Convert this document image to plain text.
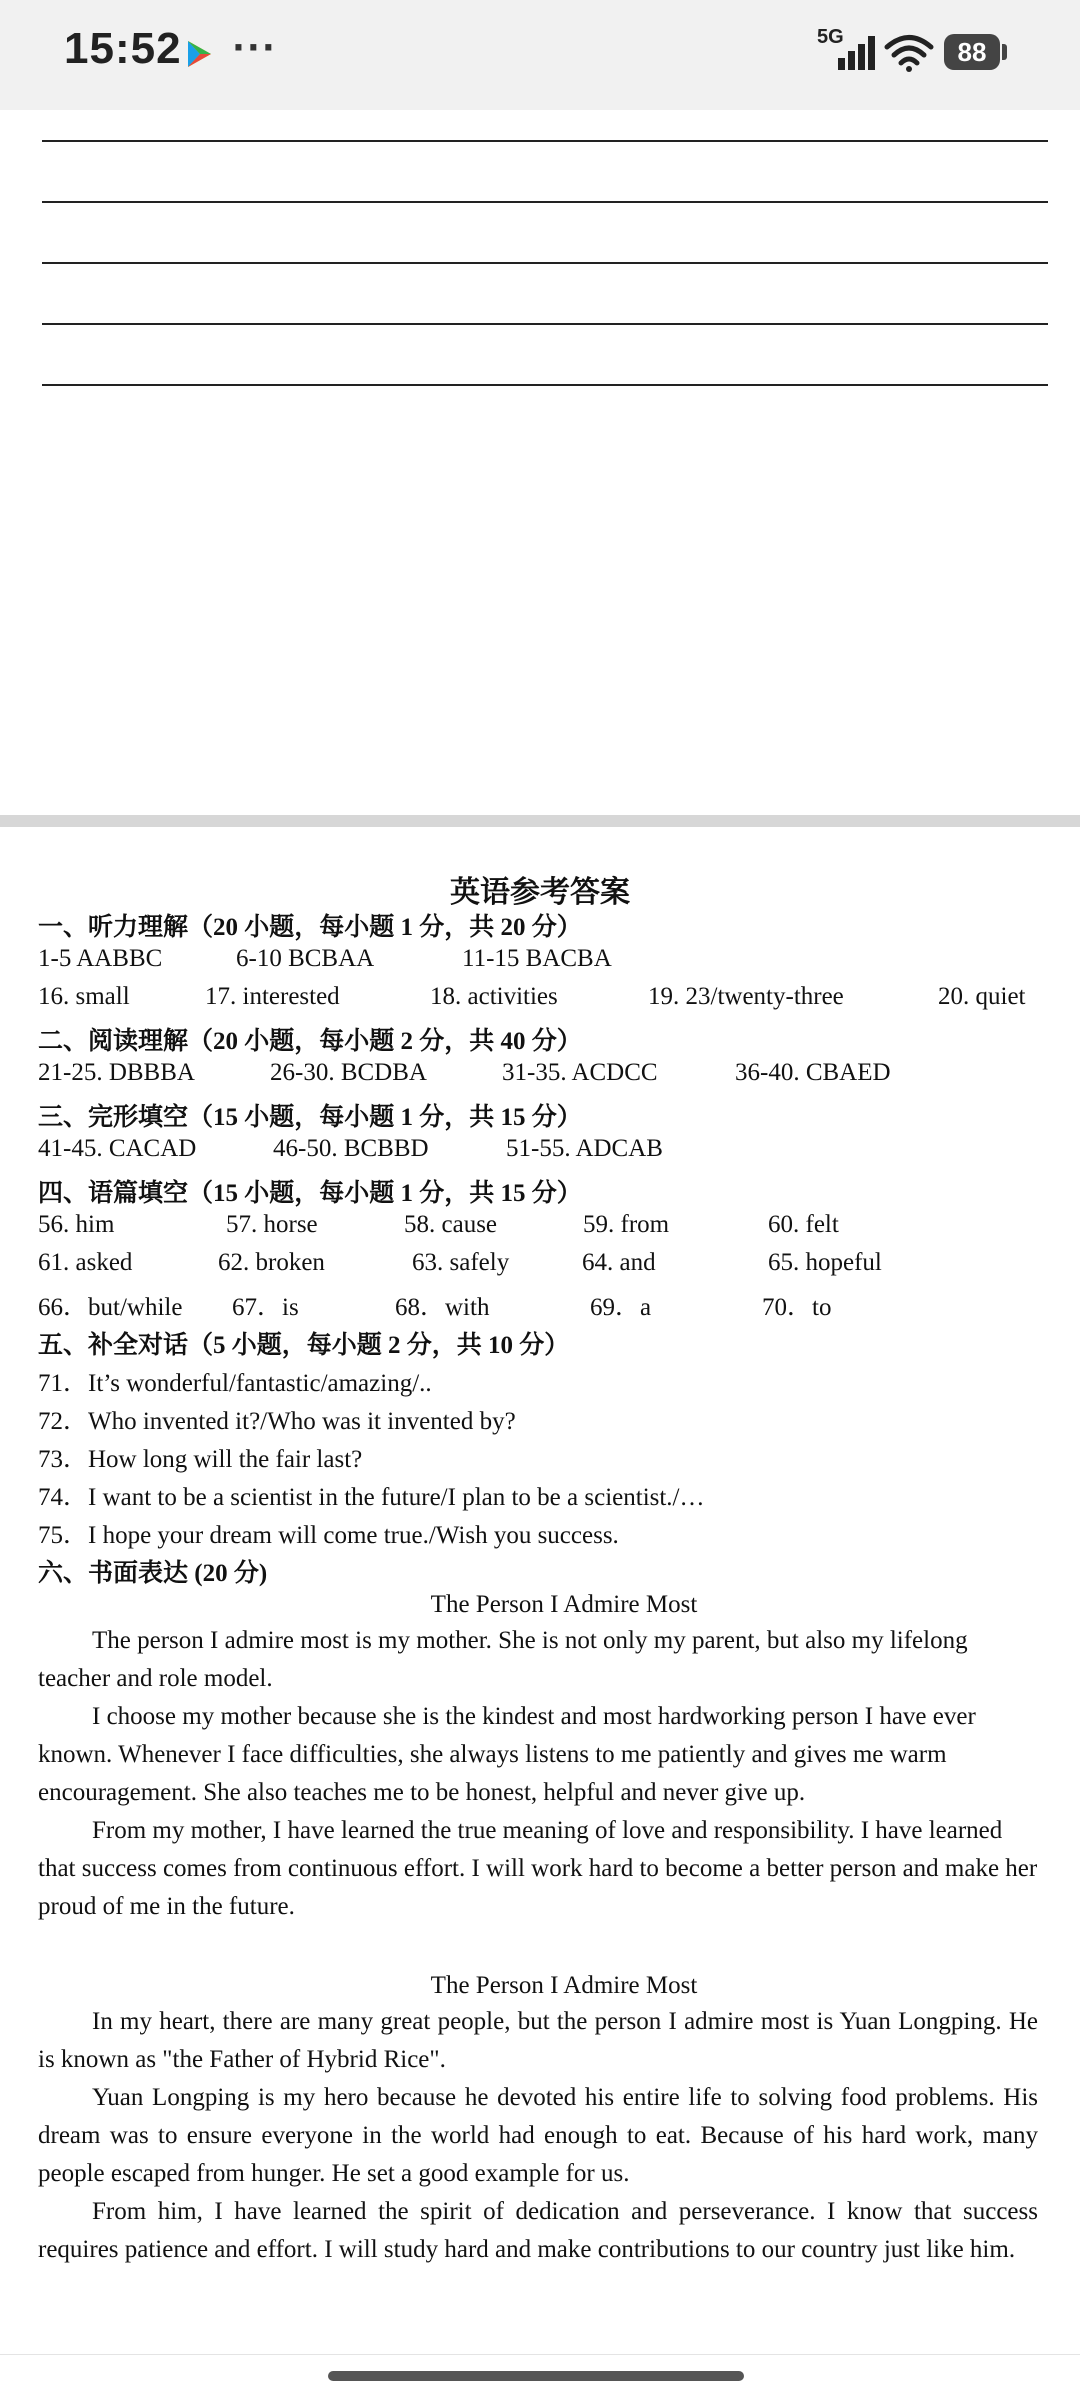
15:52 ···	5G	88
英语参考答案
一、听力理解（20 小题，每小题 1 分，共 20 分）
1-5 AABBC	6-10 BCBAA	11-15 BACBA
16. small	17. interested	18. activities	19. 23/twenty-three	20. quiet
二、阅读理解（20 小题，每小题 2 分，共 40 分）
21-25. DBBBA	26-30. BCDBA	31-35. ACDCC	36-40. CBAED
三、完形填空（15 小题，每小题 1 分，共 15 分）
41-45. CACAD	46-50. BCBBD	51-55. ADCAB
四、语篇填空（15 小题，每小题 1 分，共 15 分）
56. him	57. horse	58. cause	59. from	60. felt
61. asked	62. broken	63. safely	64. and	65. hopeful
66．but/while 67．is	68．with	69．a	70．to
五、补全对话（5 小题，每小题 2 分，共 10 分）
71．It’s wonderful/fantastic/amazing/..
72．Who invented it?/Who was it invented by?
73．How long will the fair last?
74．I want to be a scientist in the future/I plan to be a scientist./…
75．I hope your dream will come true./Wish you success.
六、书面表达 (20 分)
The Person I Admire Most

The person I admire most is my mother. She is not only my parent, but also my lifelong teacher and role model.

I choose my mother because she is the kindest and most hardworking person I have ever known. Whenever I face difficulties, she always listens to me patiently and gives me warm encouragement. She also teaches me to be honest, helpful and never give up.

From my mother, I have learned the true meaning of love and responsibility. I have learned that success comes from continuous effort. I will work hard to become a better person and make her proud of me in the future.

The Person I Admire Most

In my heart, there are many great people, but the person I admire most is Yuan Longping. He is known as "the Father of Hybrid Rice".

Yuan Longping is my hero because he devoted his entire life to solving food problems. His dream was to ensure everyone in the world had enough to eat. Because of his hard work, many people escaped from hunger. He set a good example for us.

From him, I have learned the spirit of dedication and perseverance. I know that success requires patience and effort. I will study hard and make contributions to our country just like him.
